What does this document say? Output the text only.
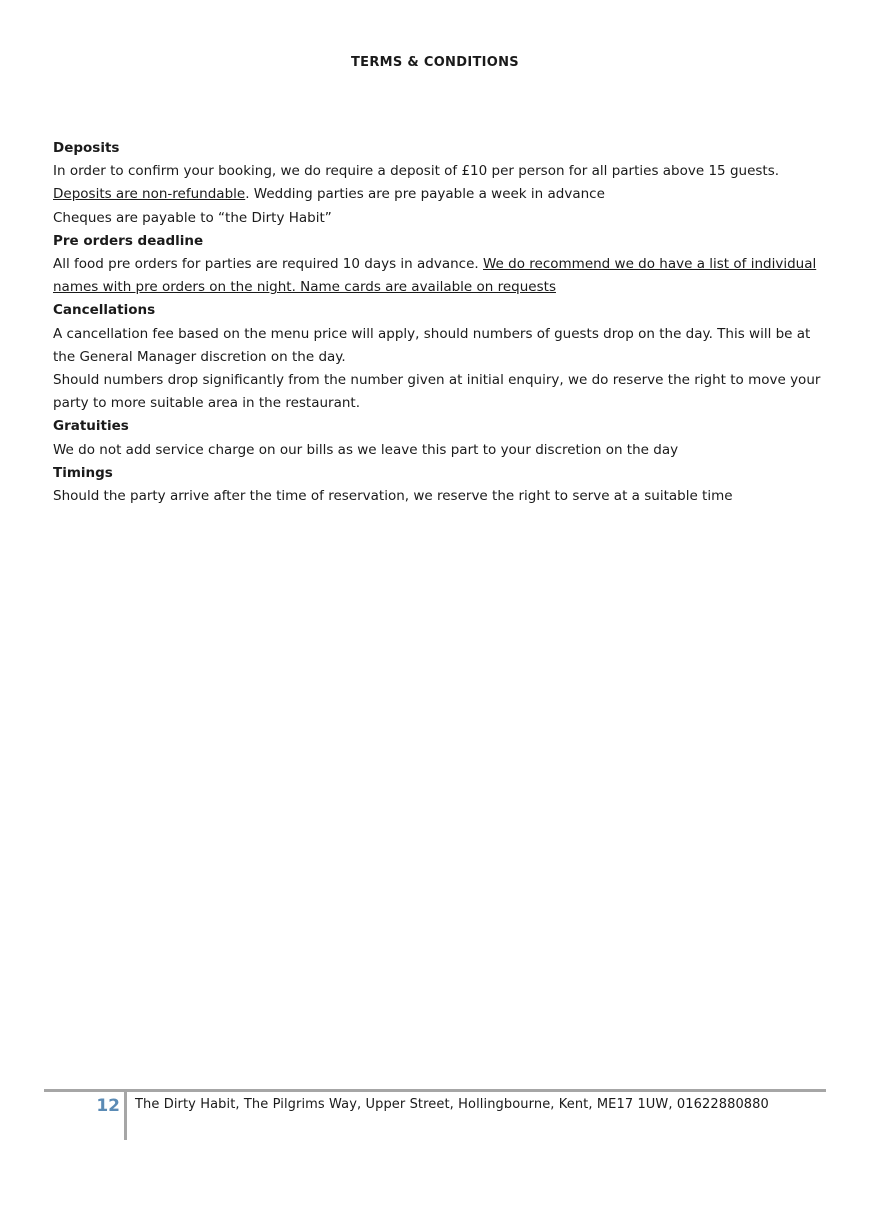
TERMS & CONDITIONS

Deposits

In order to confirm your booking, we do require a deposit of £10 per person for all parties above 15 guests.

Deposits are non-refundable. Wedding parties are pre payable a week in advance

Cheques are payable to “the Dirty Habit”

Pre orders deadline

All food pre orders for parties are required 10 days in advance. We do recommend we do have a list of individual names with pre orders on the night. Name cards are available on requests

Cancellations

A cancellation fee based on the menu price will apply, should numbers of guests drop on the day. This will be at the General Manager discretion on the day.

Should numbers drop significantly from the number given at initial enquiry, we do reserve the right to move your party to more suitable area in the restaurant.

Gratuities

We do not add service charge on our bills as we leave this part to your discretion on the day

Timings

Should the party arrive after the time of reservation, we reserve the right to serve at a suitable time

12 The Dirty Habit, The Pilgrims Way, Upper Street, Hollingbourne, Kent, ME17 1UW, 01622880880
